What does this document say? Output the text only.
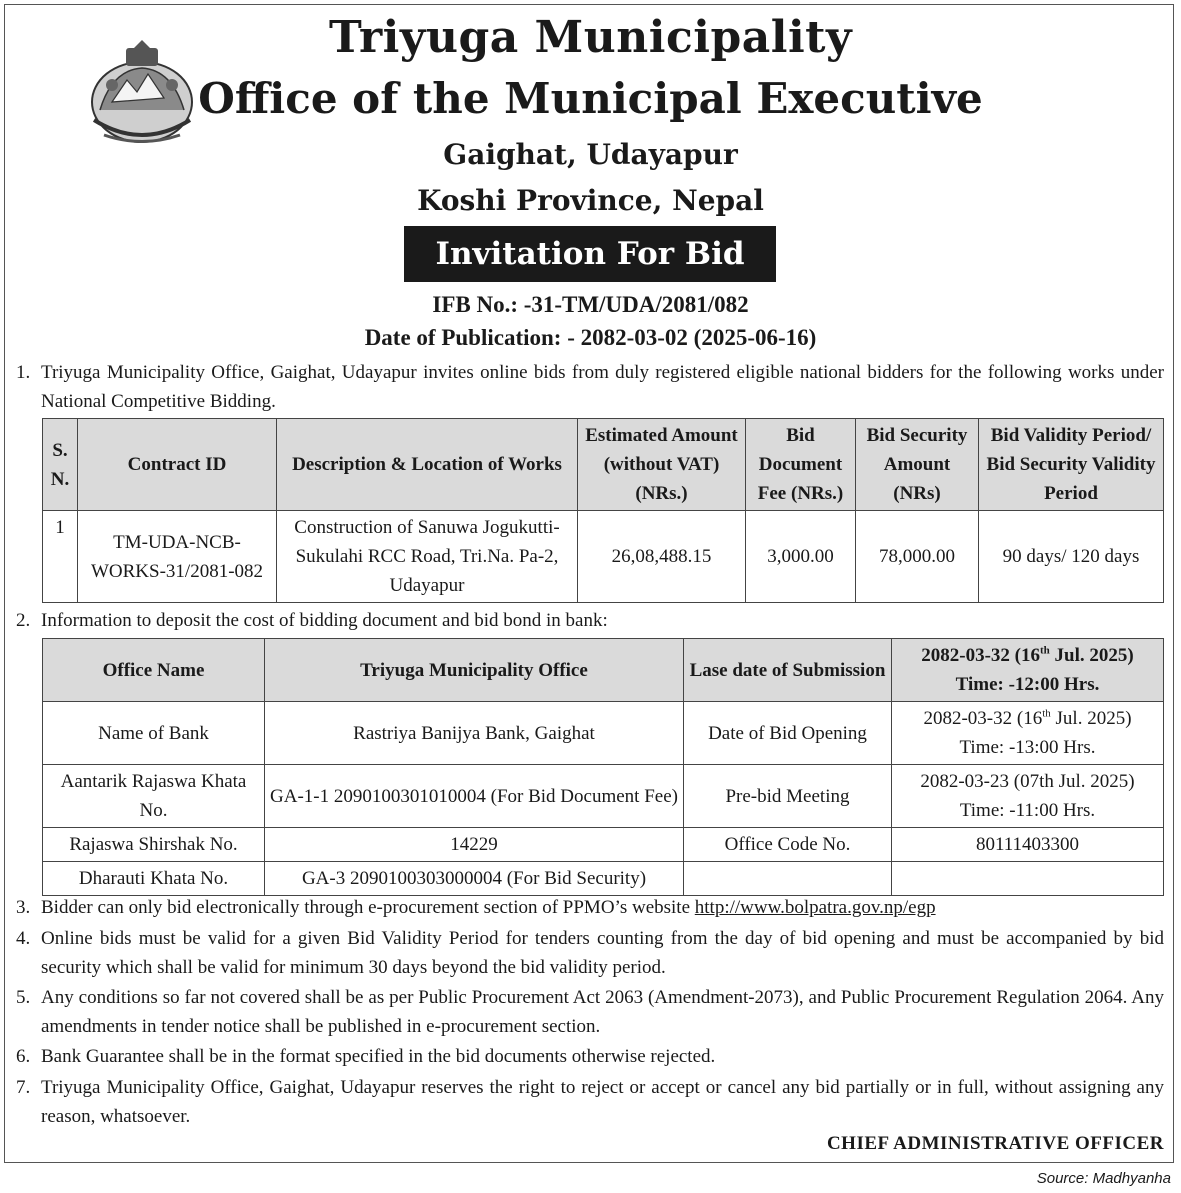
Triyuga Municipality
Office of the Municipal Executive
Gaighat, Udayapur
Koshi Province, Nepal
Invitation For Bid
IFB No.: -31-TM/UDA/2081/082
Date of Publication: - 2082-03-02 (2025-06-16)
1. Triyuga Municipality Office, Gaighat, Udayapur invites online bids from duly registered eligible national bidders for the following works under National Competitive Bidding.
S. N.	Contract ID	Description & Location of Works	Estimated Amount (without VAT) (NRs.)	Bid Document Fee (NRs.)	Bid Security Amount (NRs)	Bid Validity Period/ Bid Security Validity Period
1	TM-UDA-NCB-WORKS-31/2081-082	Construction of Sanuwa Jogukutti-Sukulahi RCC Road, Tri.Na. Pa-2, Udayapur	26,08,488.15	3,000.00	78,000.00	90 days/ 120 days
2. Information to deposit the cost of bidding document and bid bond in bank:
Office Name	Triyuga Municipality Office	Lase date of Submission	2082-03-32 (16th Jul. 2025)
Time: -12:00 Hrs.
Name of Bank	Rastriya Banijya Bank, Gaighat	Date of Bid Opening	2082-03-32 (16th Jul. 2025)
Time: -13:00 Hrs.
Aantarik Rajaswa Khata No.	GA-1-1 2090100301010004 (For Bid Document Fee)	Pre-bid Meeting	2082-03-23 (07th Jul. 2025)
Time: -11:00 Hrs.
Rajaswa Shirshak No.	14229	Office Code No.	80111403300
Dharauti Khata No.	GA-3 2090100303000004 (For Bid Security)		
3. Bidder can only bid electronically through e-procurement section of PPMO’s website http://www.bolpatra.gov.np/egp
4. Online bids must be valid for a given Bid Validity Period for tenders counting from the day of bid opening and must be accompanied by bid security which shall be valid for minimum 30 days beyond the bid validity period.
5. Any conditions so far not covered shall be as per Public Procurement Act 2063 (Amendment-2073), and Public Procurement Regulation 2064. Any amendments in tender notice shall be published in e-procurement section.
6. Bank Guarantee shall be in the format specified in the bid documents otherwise rejected.
7. Triyuga Municipality Office, Gaighat, Udayapur reserves the right to reject or accept or cancel any bid partially or in full, without assigning any reason, whatsoever.
CHIEF ADMINISTRATIVE OFFICER
Source: Madhyanha
